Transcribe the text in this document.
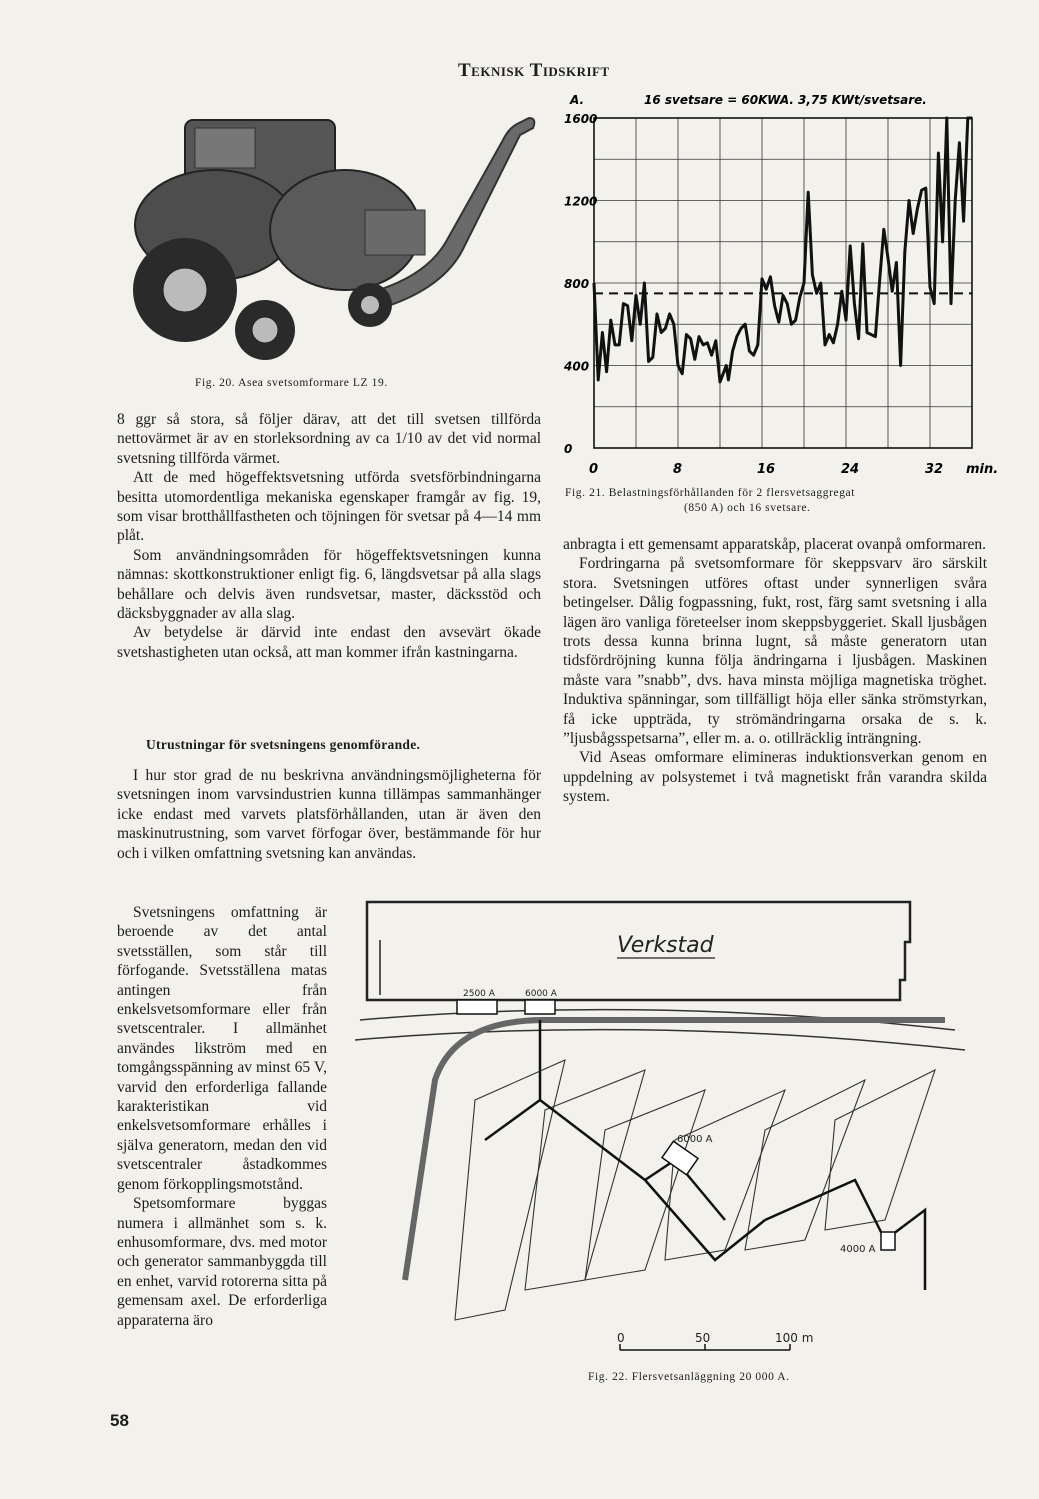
Teknisk Tidskrift
Fig. 20. Asea svetsomformare LZ 19.
A.	16 svetsare = 60KWA. 3,75 KWt/svetsare.
min.
0
400
800
1200
1600
0	8	16	24	32
Fig. 21. Belastningsförhållanden för 2 flersvetsaggregat
(850 A) och 16 svetsare.

8 ggr så stora, så följer därav, att det till svetsen tillförda nettovärmet är av en storleksordning av ca 1/10 av det vid normal svetsning tillförda värmet.

Att de med högeffektsvetsning utförda svetsförbindningarna besitta utomordentliga mekaniska egenskaper framgår av fig. 19, som visar brotthållfastheten och töjningen för svetsar på 4—14 mm plåt.

Som användningsområden för högeffektsvetsningen kunna nämnas: skottkonstruktioner enligt fig. 6, längdsvetsar på alla slags behållare och delvis även rundsvetsar, master, däcksstöd och däcksbyggnader av alla slag.

Av betydelse är därvid inte endast den avsevärt ökade svetshastigheten utan också, att man kommer ifrån kastningarna.

Utrustningar för svetsningens genomförande.

I hur stor grad de nu beskrivna användningsmöjligheterna för svetsningen inom varvsindustrien kunna tillämpas sammanhänger icke endast med varvets platsförhållanden, utan är även den maskinutrustning, som varvet förfogar över, bestämmande för hur och i vilken omfattning svetsning kan användas.

Svetsningens omfattning är beroende av det antal svetsställen, som står till förfogande. Svetsställena matas antingen från enkelsvetsomformare eller från svetscentraler. I allmänhet användes likström med en tomgångsspänning av minst 65 V, varvid den erforderliga fallande karakteristikan vid enkelsvetsomformare erhålles i själva generatorn, medan den vid svetscentraler åstadkommes genom förkopplingsmotstånd.

Spetsomformare byggas numera i allmänhet som s. k. enhusomformare, dvs. med motor och generator sammanbyggda till en enhet, varvid rotorerna sitta på gemensam axel. De erforderliga apparaterna äro

anbragta i ett gemensamt apparatskåp, placerat ovanpå omformaren.

Fordringarna på svetsomformare för skeppsvarv äro särskilt stora. Svetsningen utföres oftast under synnerligen svåra betingelser. Dålig fogpassning, fukt, rost, färg samt svetsning i alla lägen äro vanliga företeelser inom skeppsbyggeriet. Skall ljusbågen trots dessa kunna brinna lugnt, så måste generatorn utan tidsfördröjning kunna följa ändringarna i ljusbågen. Maskinen måste vara ”snabb”, dvs. hava minsta möjliga magnetiska tröghet. Induktiva spänningar, som tillfälligt höja eller sänka strömstyrkan, få icke uppträda, ty strömändringarna orsaka de s. k. ”ljusbågsspetsarna”, eller m. a. o. otillräcklig inträngning.

Vid Aseas omformare elimineras induktionsverkan genom en uppdelning av polsystemet i två magnetiskt från varandra skilda system.

Verkstad
2500 A	6000 A
6000 A
4000 A
0	50	100 m
Fig. 22. Flersvetsanläggning 20 000 A.
58
